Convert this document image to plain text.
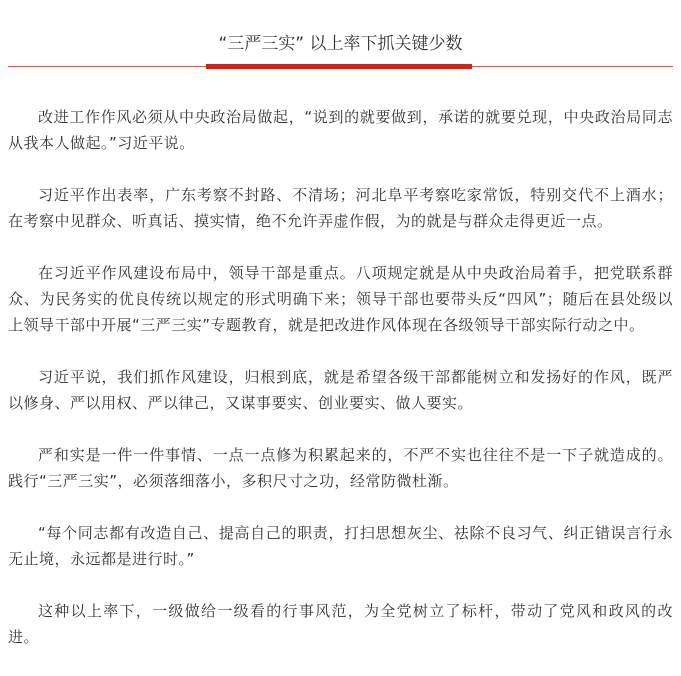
“三严三实” 以上率下抓关键少数

改进工作作风必须从中央政治局做起，“说到的就要做到，承诺的就要兑现，中央政治局同志从我本人做起。”习近平说。

习近平作出表率，广东考察不封路、不清场；河北阜平考察吃家常饭，特别交代不上酒水；在考察中见群众、听真话、摸实情，绝不允许弄虚作假，为的就是与群众走得更近一点。

在习近平作风建设布局中，领导干部是重点。八项规定就是从中央政治局着手，把党联系群众、为民务实的优良传统以规定的形式明确下来；领导干部也要带头反“四风”；随后在县处级以上领导干部中开展“三严三实”专题教育，就是把改进作风体现在各级领导干部实际行动之中。

习近平说，我们抓作风建设，归根到底，就是希望各级干部都能树立和发扬好的作风，既严以修身、严以用权、严以律己，又谋事要实、创业要实、做人要实。

严和实是一件一件事情、一点一点修为积累起来的，不严不实也往往不是一下子就造成的。践行“三严三实”，必须落细落小，多积尺寸之功，经常防微杜渐。

“每个同志都有改造自己、提高自己的职责，打扫思想灰尘、祛除不良习气、纠正错误言行永无止境，永远都是进行时。”

这种以上率下，一级做给一级看的行事风范，为全党树立了标杆，带动了党风和政风的改进。
